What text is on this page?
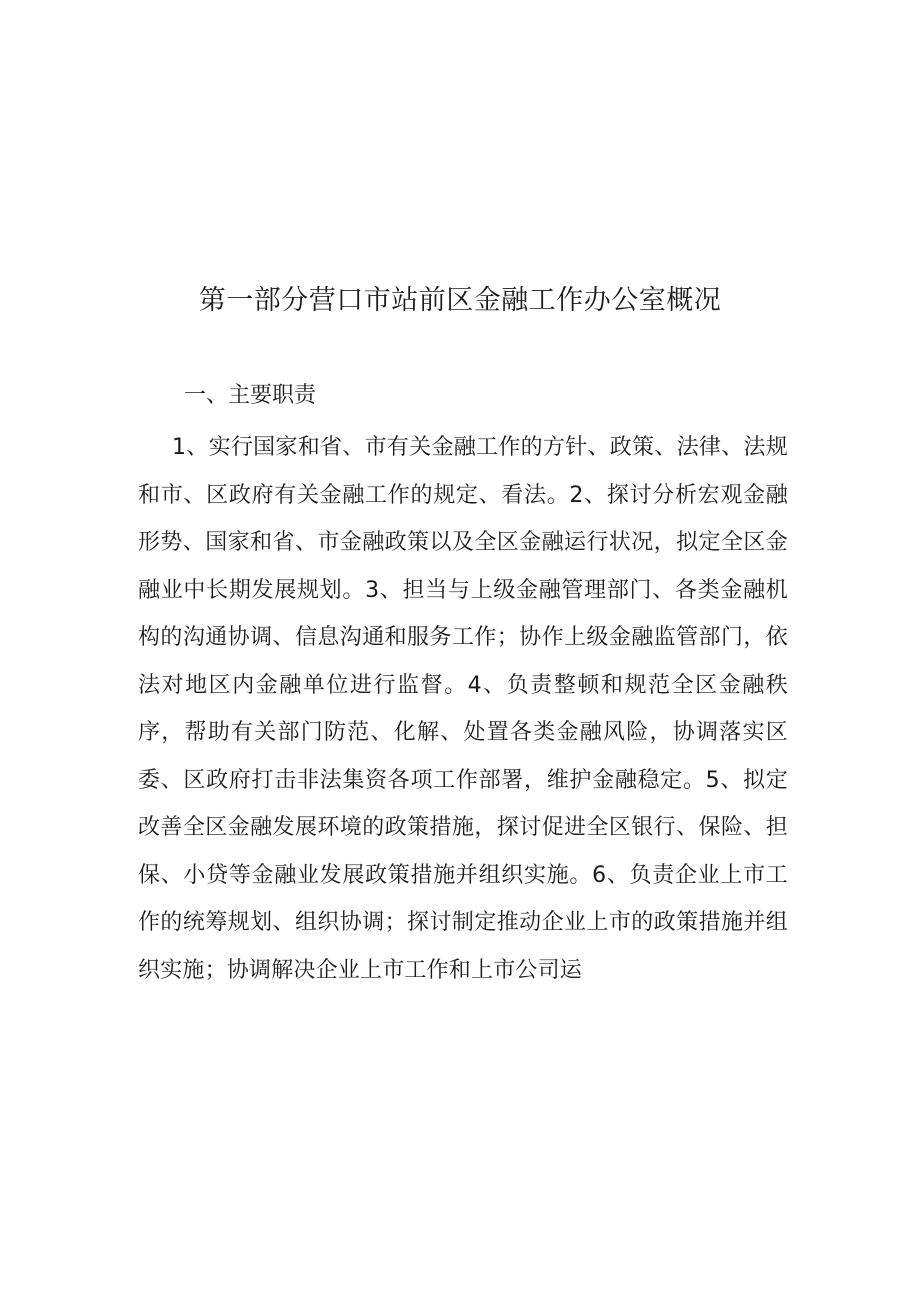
第一部分营口市站前区金融工作办公室概况
一、主要职责

1、实行国家和省、市有关金融工作的方针、政策、法律、法规和市、区政府有关金融工作的规定、看法。2、探讨分析宏观金融形势、国家和省、市金融政策以及全区金融运行状况，拟定全区金融业中长期发展规划。3、担当与上级金融管理部门、各类金融机构的沟通协调、信息沟通和服务工作；协作上级金融监管部门，依法对地区内金融单位进行监督。4、负责整顿和规范全区金融秩序，帮助有关部门防范、化解、处置各类金融风险，协调落实区委、区政府打击非法集资各项工作部署，维护金融稳定。5、拟定改善全区金融发展环境的政策措施，探讨促进全区银行、保险、担保、小贷等金融业发展政策措施并组织实施。6、负责企业上市工作的统筹规划、组织协调；探讨制定推动企业上市的政策措施并组织实施；协调解决企业上市工作和上市公司运
